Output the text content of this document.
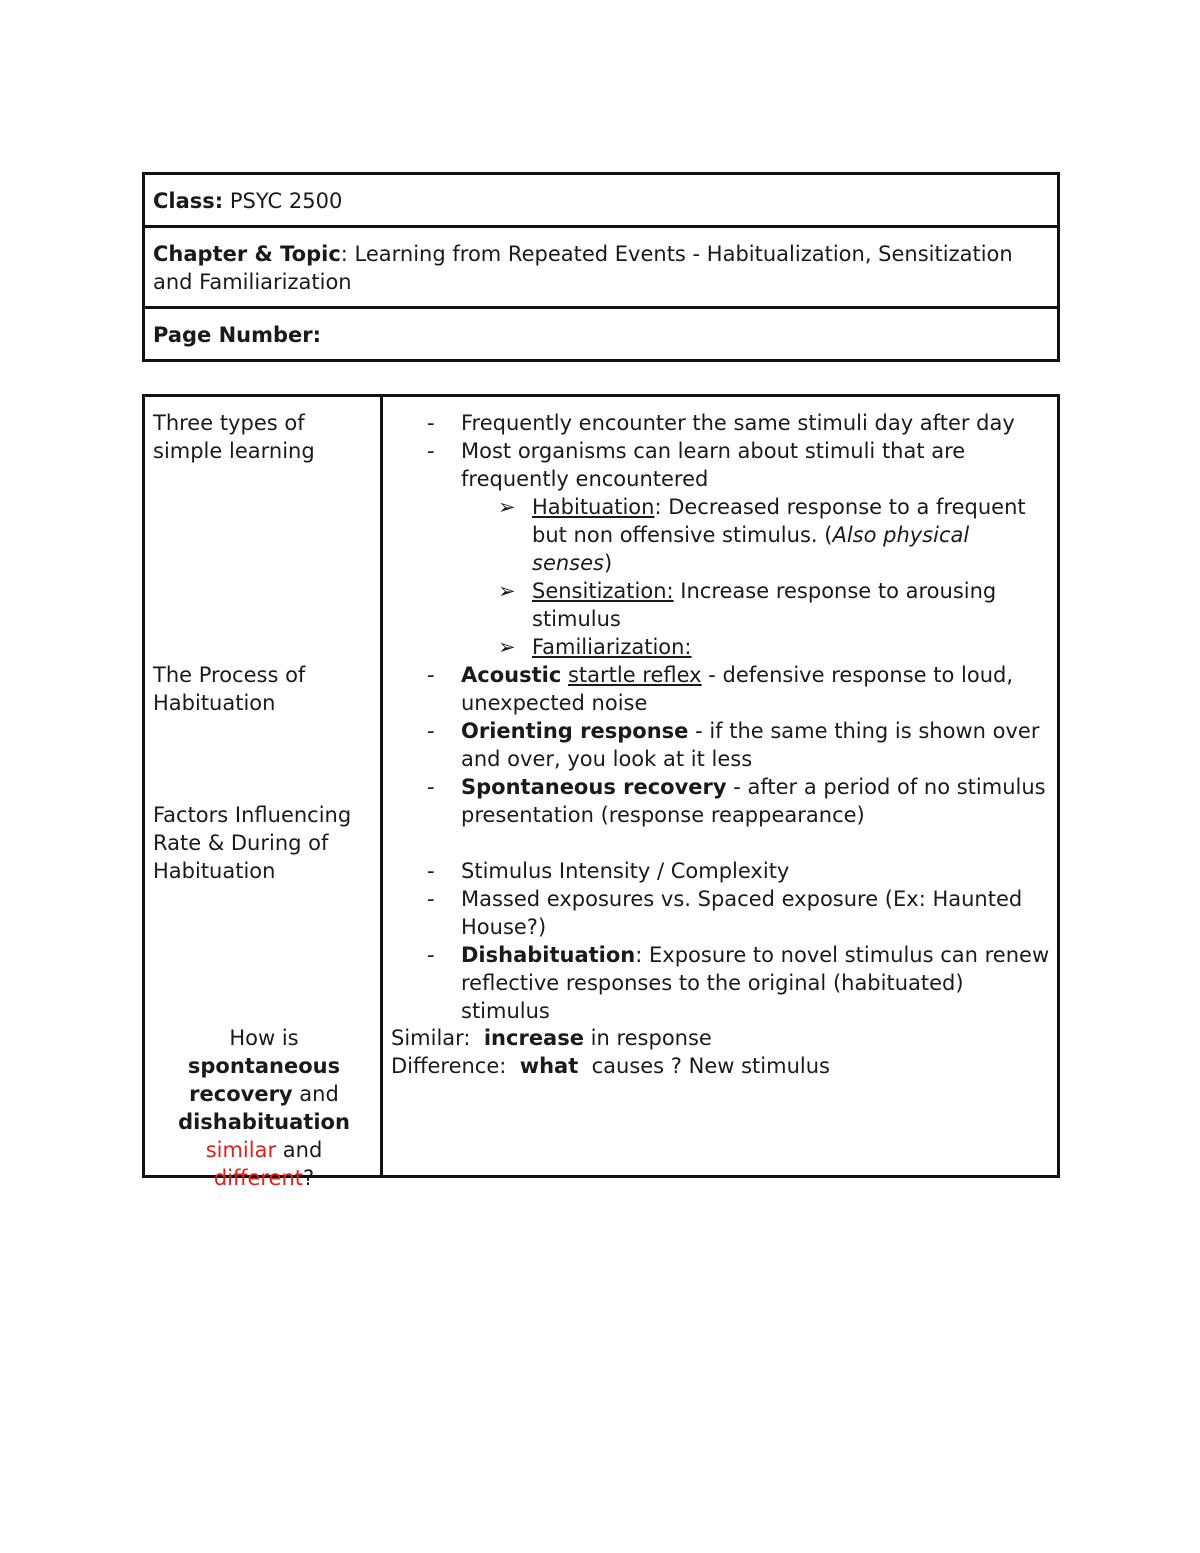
Class: PSYC 2500
Chapter & Topic: Learning from Repeated Events - Habitualization, Sensitization and Familiarization
Page Number:
Three types of simple learning
The Process of Habituation
Factors Influencing Rate & During of Habituation
How is spontaneous recovery and dishabituation
similar and different?
- Frequently encounter the same stimuli day after day
- Most organisms can learn about stimuli that are frequently encountered
➢ Habituation: Decreased response to a frequent but non offensive stimulus. (Also physical senses)
➢ Sensitization: Increase response to arousing stimulus
➢ Familiarization:
- Acoustic startle reflex - defensive response to loud, unexpected noise
- Orienting response - if the same thing is shown over and over, you look at it less
- Spontaneous recovery - after a period of no stimulus presentation (response reappearance)
- Stimulus Intensity / Complexity
- Massed exposures vs. Spaced exposure (Ex: Haunted House?)
- Dishabituation: Exposure to novel stimulus can renew reflective responses to the original (habituated) stimulus
Similar:  increase in response
Difference:  what  causes ? New stimulus
